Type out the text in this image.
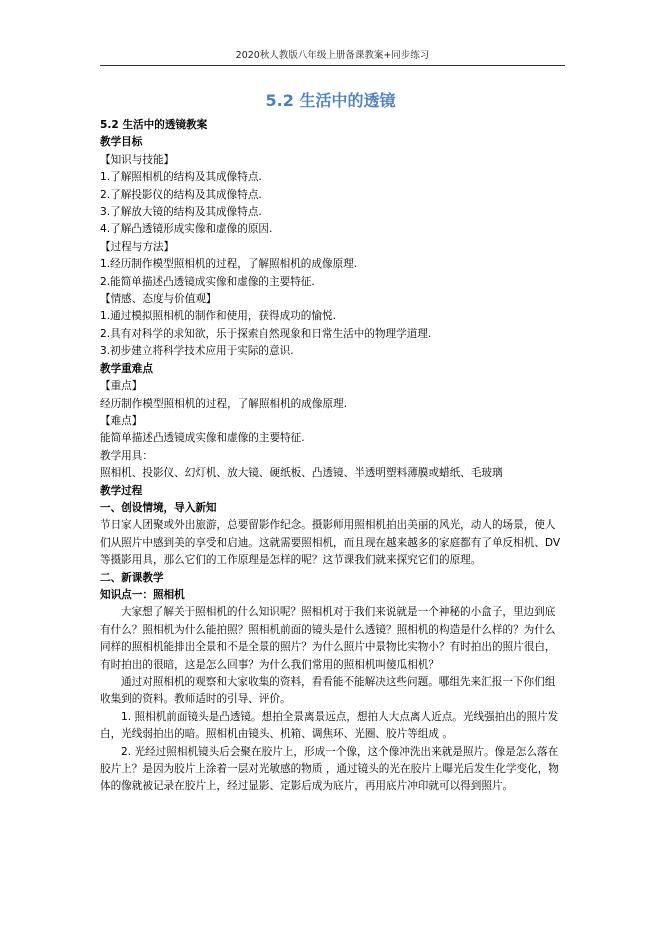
2020秋人教版八年级上册备课教案+同步练习
5.2 生活中的透镜

5.2 生活中的透镜教案

教学目标

【知识与技能】

1.了解照相机的结构及其成像特点.

2.了解投影仪的结构及其成像特点.

3.了解放大镜的结构及其成像特点.

4.了解凸透镜形成实像和虚像的原因.

【过程与方法】

1.经历制作模型照相机的过程，了解照相机的成像原理.

2.能简单描述凸透镜成实像和虚像的主要特征.

【情感、态度与价值观】

1.通过模拟照相机的制作和使用，获得成功的愉悦.

2.具有对科学的求知欲，乐于探索自然现象和日常生活中的物理学道理.

3.初步建立将科学技术应用于实际的意识.

教学重难点

【重点】

经历制作模型照相机的过程，了解照相机的成像原理.

【难点】

能简单描述凸透镜成实像和虚像的主要特征.

教学用具：

照相机、投影仪、幻灯机、放大镜、硬纸板、凸透镜、半透明塑料薄膜或蜡纸、毛玻璃

教学过程

一、创设情境，导入新知

节日家人团聚或外出旅游，总要留影作纪念。摄影师用照相机拍出美丽的风光，动人的场景，使人们从照片中感到美的享受和启迪。这就需要照相机，而且现在越来越多的家庭都有了单反相机、DV等摄影用具，那么它们的工作原理是怎样的呢？这节课我们就来探究它们的原理。

二、新课教学

知识点一：照相机

大家想了解关于照相机的什么知识呢？照相机对于我们来说就是一个神秘的小盒子，里边到底有什么？照相机为什么能拍照？照相机前面的镜头是什么透镜？照相机的构造是什么样的？为什么同样的照相机能排出全景和不是全景的照片？为什么照片中景物比实物小？有时拍出的照片很白，有时拍出的很暗，这是怎么回事？为什么我们常用的照相机叫傻瓜相机？

通过对照相机的观察和大家收集的资料，看看能不能解决这些问题。哪组先来汇报一下你们组收集到的资料。教师适时的引导、评价。

1. 照相机前面镜头是凸透镜。想拍全景离景远点，想拍人大点离人近点。光线强拍出的照片发白，光线弱拍出的暗。照相机由镜头、机箱、调焦环、光圈、胶片等组成 。

2. 光经过照相机镜头后会聚在胶片上，形成一个像，这个像冲洗出来就是照片。像是怎么落在胶片上？是因为胶片上涂着一层对光敏感的物质 ，通过镜头的光在胶片上曝光后发生化学变化，物体的像就被记录在胶片上，经过显影、定影后成为底片，再用底片冲印就可以得到照片。
